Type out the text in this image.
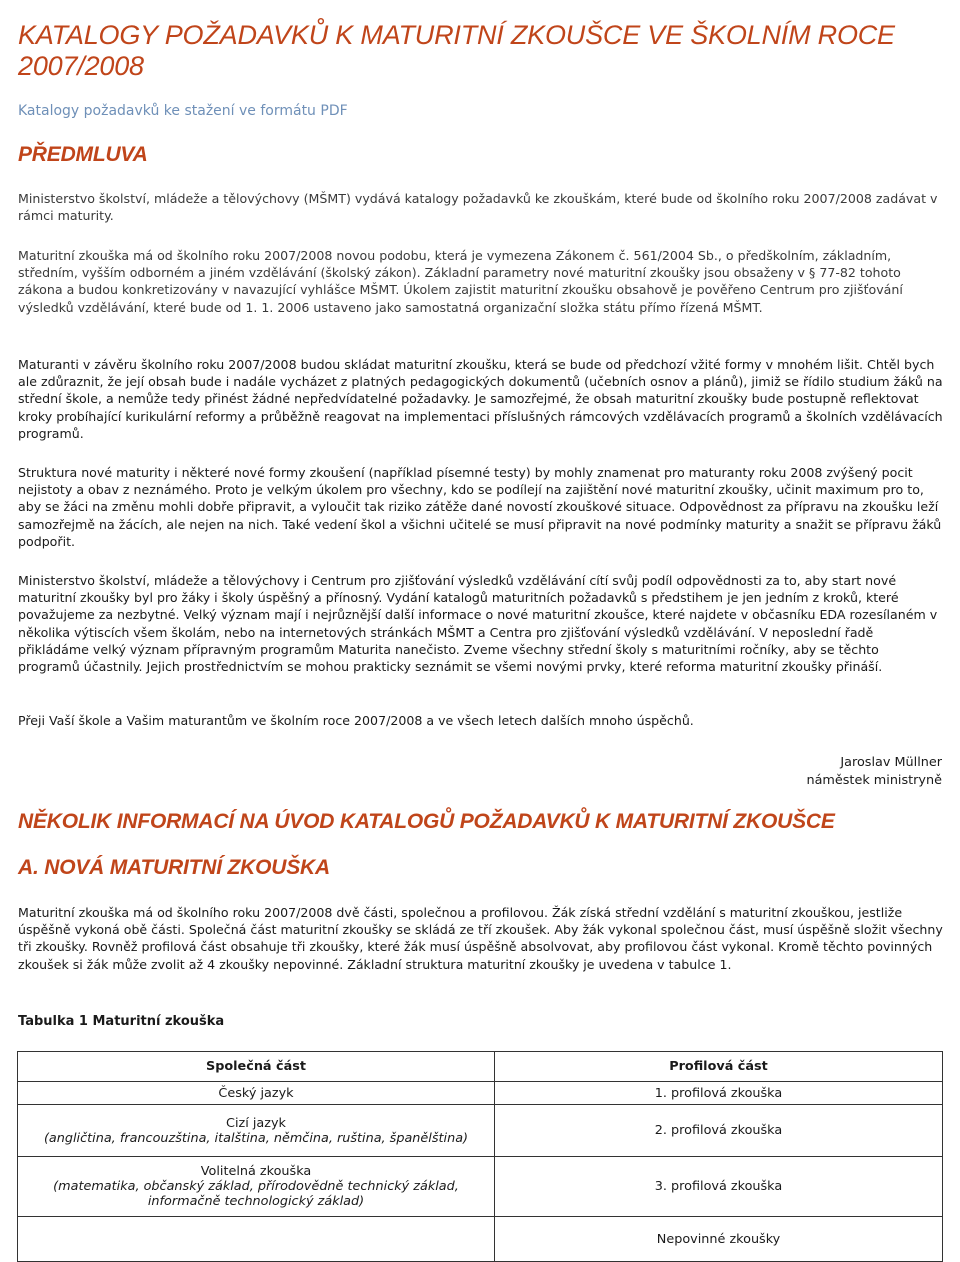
KATALOGY POŽADAVKŮ K MATURITNÍ ZKOUŠCE VE ŠKOLNÍM ROCE 2007/2008
Katalogy požadavků ke stažení ve formátu PDF
PŘEDMLUVA

Ministerstvo školství, mládeže a tělovýchovy (MŠMT) vydává katalogy požadavků ke zkouškám, které bude od školního roku 2007/2008 zadávat v rámci maturity.

Maturitní zkouška má od školního roku 2007/2008 novou podobu, která je vymezena Zákonem č. 561/2004 Sb., o předškolním, základním, středním, vyšším odborném a jiném vzdělávání (školský zákon). Základní parametry nové maturitní zkoušky jsou obsaženy v § 77-82 tohoto zákona a budou konkretizovány v navazující vyhlášce MŠMT. Úkolem zajistit maturitní zkoušku obsahově je pověřeno Centrum pro zjišťování výsledků vzdělávání, které bude od 1. 1. 2006 ustaveno jako samostatná organizační složka státu přímo řízená MŠMT.

Maturanti v závěru školního roku 2007/2008 budou skládat maturitní zkoušku, která se bude od předchozí vžité formy v mnohém lišit. Chtěl bych ale zdůraznit, že její obsah bude i nadále vycházet z platných pedagogických dokumentů (učebních osnov a plánů), jimiž se řídilo studium žáků na střední škole, a nemůže tedy přinést žádné nepředvídatelné požadavky. Je samozřejmé, že obsah maturitní zkoušky bude postupně reflektovat kroky probíhající kurikulární reformy a průběžně reagovat na implementaci příslušných rámcových vzdělávacích programů a školních vzdělávacích programů.

Struktura nové maturity i některé nové formy zkoušení (například písemné testy) by mohly znamenat pro maturanty roku 2008 zvýšený pocit nejistoty a obav z neznámého. Proto je velkým úkolem pro všechny, kdo se podílejí na zajištění nové maturitní zkoušky, učinit maximum pro to, aby se žáci na změnu mohli dobře připravit, a vyloučit tak riziko zátěže dané novostí zkouškové situace. Odpovědnost za přípravu na zkoušku leží samozřejmě na žácích, ale nejen na nich. Také vedení škol a všichni učitelé se musí připravit na nové podmínky maturity a snažit se přípravu žáků podpořit.

Ministerstvo školství, mládeže a tělovýchovy i Centrum pro zjišťování výsledků vzdělávání cítí svůj podíl odpovědnosti za to, aby start nové maturitní zkoušky byl pro žáky i školy úspěšný a přínosný. Vydání katalogů maturitních požadavků s předstihem je jen jedním z kroků, které považujeme za nezbytné. Velký význam mají i nejrůznější další informace o nové maturitní zkoušce, které najdete v občasníku EDA rozesílaném v několika výtiscích všem školám, nebo na internetových stránkách MŠMT a Centra pro zjišťování výsledků vzdělávání. V neposlední řadě přikládáme velký význam přípravným programům Maturita nanečisto. Zveme všechny střední školy s maturitními ročníky, aby se těchto programů účastnily. Jejich prostřednictvím se mohou prakticky seznámit se všemi novými prvky, které reforma maturitní zkoušky přináší.

Přeji Vaší škole a Vašim maturantům ve školním roce 2007/2008 a ve všech letech dalších mnoho úspěchů.

Jaroslav Müllner
náměstek ministryně
NĚKOLIK INFORMACÍ NA ÚVOD KATALOGŮ POŽADAVKŮ K MATURITNÍ ZKOUŠCE
A. NOVÁ MATURITNÍ ZKOUŠKA

Maturitní zkouška má od školního roku 2007/2008 dvě části, společnou a profilovou. Žák získá střední vzdělání s maturitní zkouškou, jestliže úspěšně vykoná obě části. Společná část maturitní zkoušky se skládá ze tří zkoušek. Aby žák vykonal společnou část, musí úspěšně složit všechny tři zkoušky. Rovněž profilová část obsahuje tři zkoušky, které žák musí úspěšně absolvovat, aby profilovou část vykonal. Kromě těchto povinných zkoušek si žák může zvolit až 4 zkoušky nepovinné. Základní struktura maturitní zkoušky je uvedena v tabulce 1.

Tabulka 1 Maturitní zkouška
Společná část	Profilová část

Český jazyk	1. profilová zkouška

Cizí jazyk
(angličtina, francouzština, italština, němčina, ruština, španělština)	2. profilová zkouška

Volitelná zkouška
(matematika, občanský základ, přírodovědně technický základ, informačně technologický základ)	3. profilová zkouška
	Nepovinné zkoušky
